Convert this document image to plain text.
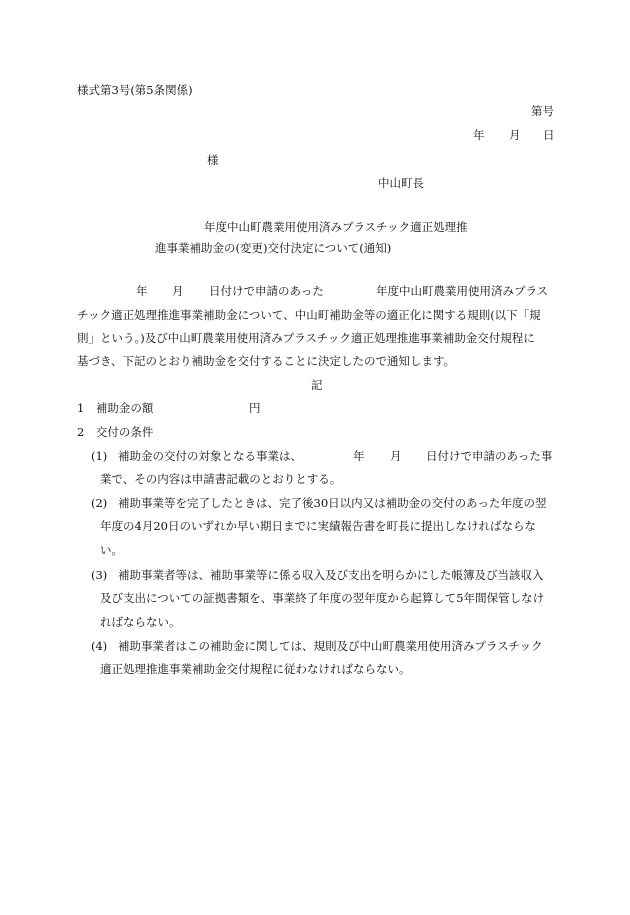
様式第3号(第5条関係)
第号
年 月 日
様
中山町長
年度中山町農業用使用済みプラスチック適正処理推
進事業補助金の(変更)交付決定について(通知)
年 月 日付けで申請のあった	年度中山町農業用使用済みプラス
チック適正処理推進事業補助金について、中山町補助金等の適正化に関する規則(以下「規
則」という。)及び中山町農業用使用済みプラスチック適正処理推進事業補助金交付規程に
基づき、下記のとおり補助金を交付することに決定したので通知します。
記
1　補助金の額	円
2　交付の条件
(1) 補助金の交付の対象となる事業は、	年 月 日付けで申請のあった事
業で、その内容は申請書記載のとおりとする。
(2) 補助事業等を完了したときは、完了後30日以内又は補助金の交付のあった年度の翌
年度の4月20日のいずれか早い期日までに実績報告書を町長に提出しなければならな
い。
(3) 補助事業者等は、補助事業等に係る収入及び支出を明らかにした帳簿及び当該収入
及び支出についての証拠書類を、事業終了年度の翌年度から起算して5年間保管しなけ
ればならない。
(4) 補助事業者はこの補助金に関しては、規則及び中山町農業用使用済みプラスチック
適正処理推進事業補助金交付規程に従わなければならない。
